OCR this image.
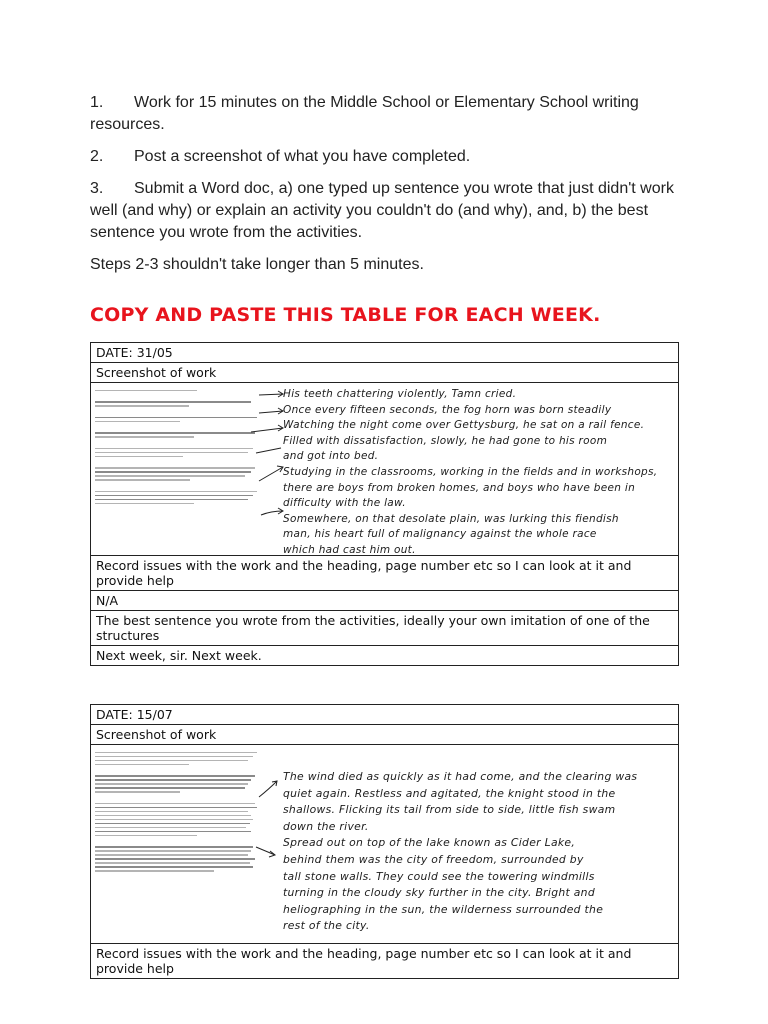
1. Work for 15 minutes on the Middle School or Elementary School writing resources.

2. Post a screenshot of what you have completed.

3. Submit a Word doc, a) one typed up sentence you wrote that just didn't work well (and why) or explain an activity you couldn't do (and why), and, b) the best sentence you wrote from the activities.

Steps 2-3 shouldn't take longer than 5 minutes.

COPY AND PASTE THIS TABLE FOR EACH WEEK.
DATE: 31/05
Screenshot of work

His teeth chattering violently, Tamn cried.
Once every fifteen seconds, the fog horn was born steadily
Watching the night come over Gettysburg, he sat on a rail fence.
Filled with dissatisfaction, slowly, he had gone to his room
and got into bed.
Studying in the classrooms, working in the fields and in workshops,
there are boys from broken homes, and boys who have been in
difficulty with the law.
Somewhere, on that desolate plain, was lurking this fiendish
man, his heart full of malignancy against the whole race
which had cast him out.

Record issues with the work and the heading, page number etc so I can look at it and provide help
N/A
The best sentence you wrote from the activities, ideally your own imitation of one of the structures
Next week, sir. Next week.
DATE: 15/07
Screenshot of work

The wind died as quickly as it had come, and the clearing was
quiet again. Restless and agitated, the knight stood in the
shallows. Flicking its tail from side to side, little fish swam
down the river.
Spread out on top of the lake known as Cider Lake,
behind them was the city of freedom, surrounded by
tall stone walls. They could see the towering windmills
turning in the cloudy sky further in the city. Bright and
heliographing in the sun, the wilderness surrounded the
rest of the city.

Record issues with the work and the heading, page number etc so I can look at it and provide help
